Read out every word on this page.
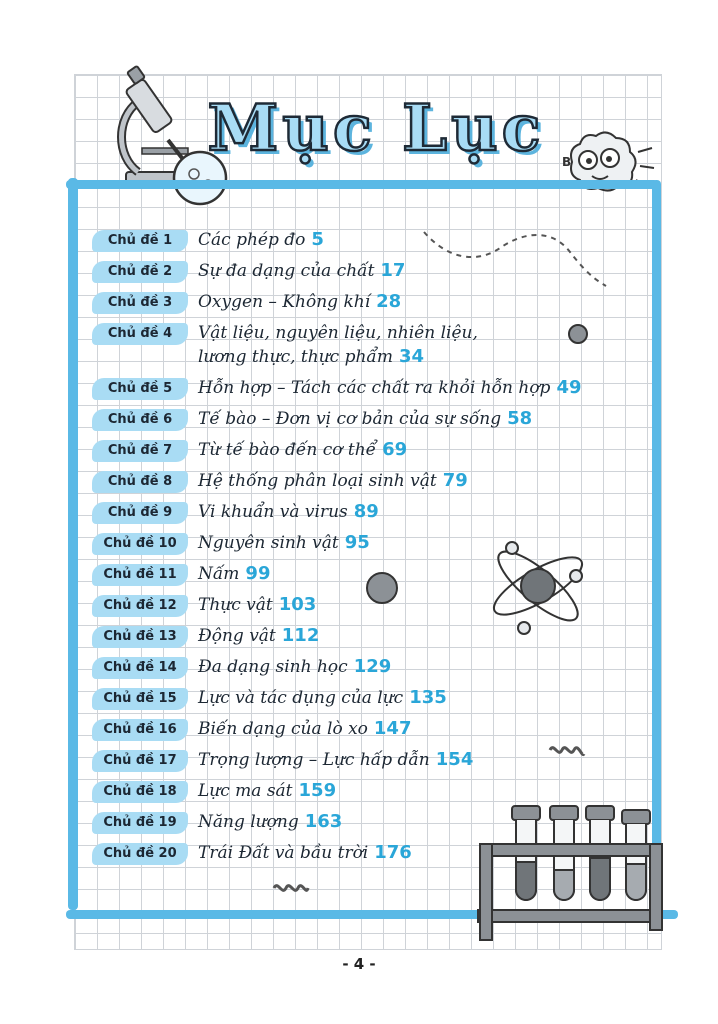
Mục Lục	B
Chủ đề 1	Các phép đo 5
Chủ đề 2	Sự đa dạng của chất 17
Chủ đề 3	Oxygen – Không khí 28
Chủ đề 4	Vật liệu, nguyên liệu, nhiên liệu,
lương thực, thực phẩm 34
Chủ đề 5	Hỗn hợp – Tách các chất ra khỏi hỗn hợp 49
Chủ đề 6	Tế bào – Đơn vị cơ bản của sự sống 58
Chủ đề 7	Từ tế bào đến cơ thể 69
Chủ đề 8	Hệ thống phân loại sinh vật 79
Chủ đề 9	Vi khuẩn và virus 89
Chủ đề 10	Nguyên sinh vật 95
Chủ đề 11	Nấm 99
Chủ đề 12	Thực vật 103
Chủ đề 13	Động vật 112
Chủ đề 14	Đa dạng sinh học 129
Chủ đề 15	Lực và tác dụng của lực 135
Chủ đề 16	Biến dạng của lò xo 147
Chủ đề 17	Trọng lượng – Lực hấp dẫn 154
Chủ đề 18	Lực ma sát 159
Chủ đề 19	Năng lượng 163
Chủ đề 20	Trái Đất và bầu trời 176
- 4 -
